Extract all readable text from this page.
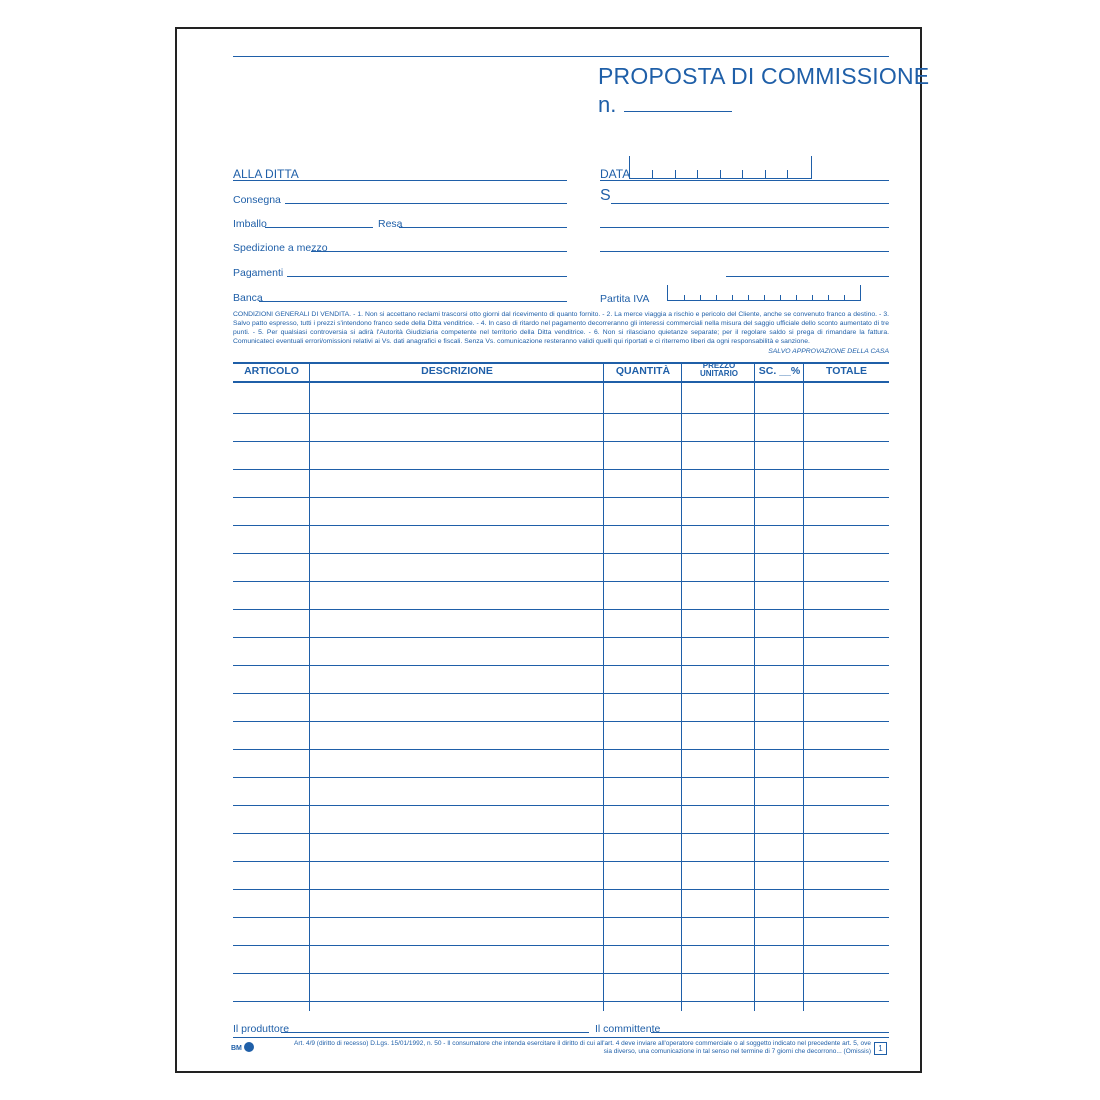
PROPOSTA DI COMMISSIONE
n.
ALLA DITTA
Consegna
Imballo	Resa
Spedizione a mezzo
Pagamenti
Banca
DATA
S
Partita IVA
CONDIZIONI GENERALI DI VENDITA. - 1. Non si accettano reclami trascorsi otto giorni dal ricevimento di quanto fornito. - 2. La merce viaggia a rischio e pericolo del Cliente, anche se convenuto franco a destino. - 3. Salvo patto espresso, tutti i prezzi s'intendono franco sede della Ditta venditrice. - 4. In caso di ritardo nel pagamento decorreranno gli interessi commerciali nella misura del saggio ufficiale dello sconto aumentato di tre punti. - 5. Per qualsiasi controversia si adirà l'Autorità Giudiziaria competente nel territorio della Ditta venditrice. - 6. Non si rilasciano quietanze separate; per il regolare saldo si prega di rimandare la fattura. Comunicateci eventuali errori/omissioni relativi ai Vs. dati anagrafici e fiscali. Senza Vs. comunicazione resteranno validi quelli qui riportati e ci riterremo liberi da ogni responsabilità e sanzione.
SALVO APPROVAZIONE DELLA CASA
ARTICOLO	DESCRIZIONE	QUANTITÀ	PREZZO UNITARIO	SC. __%	TOTALE
Il produttore	Il committente
BM
Art. 4/9 (diritto di recesso) D.Lgs. 15/01/1992, n. 50 - Il consumatore che intenda esercitare il diritto di cui all'art. 4 deve inviare all'operatore commerciale o al soggetto indicato nel precedente art. 5, ove sia diverso, una comunicazione in tal senso nel termine di 7 giorni che decorrono... (Omissis) 1
